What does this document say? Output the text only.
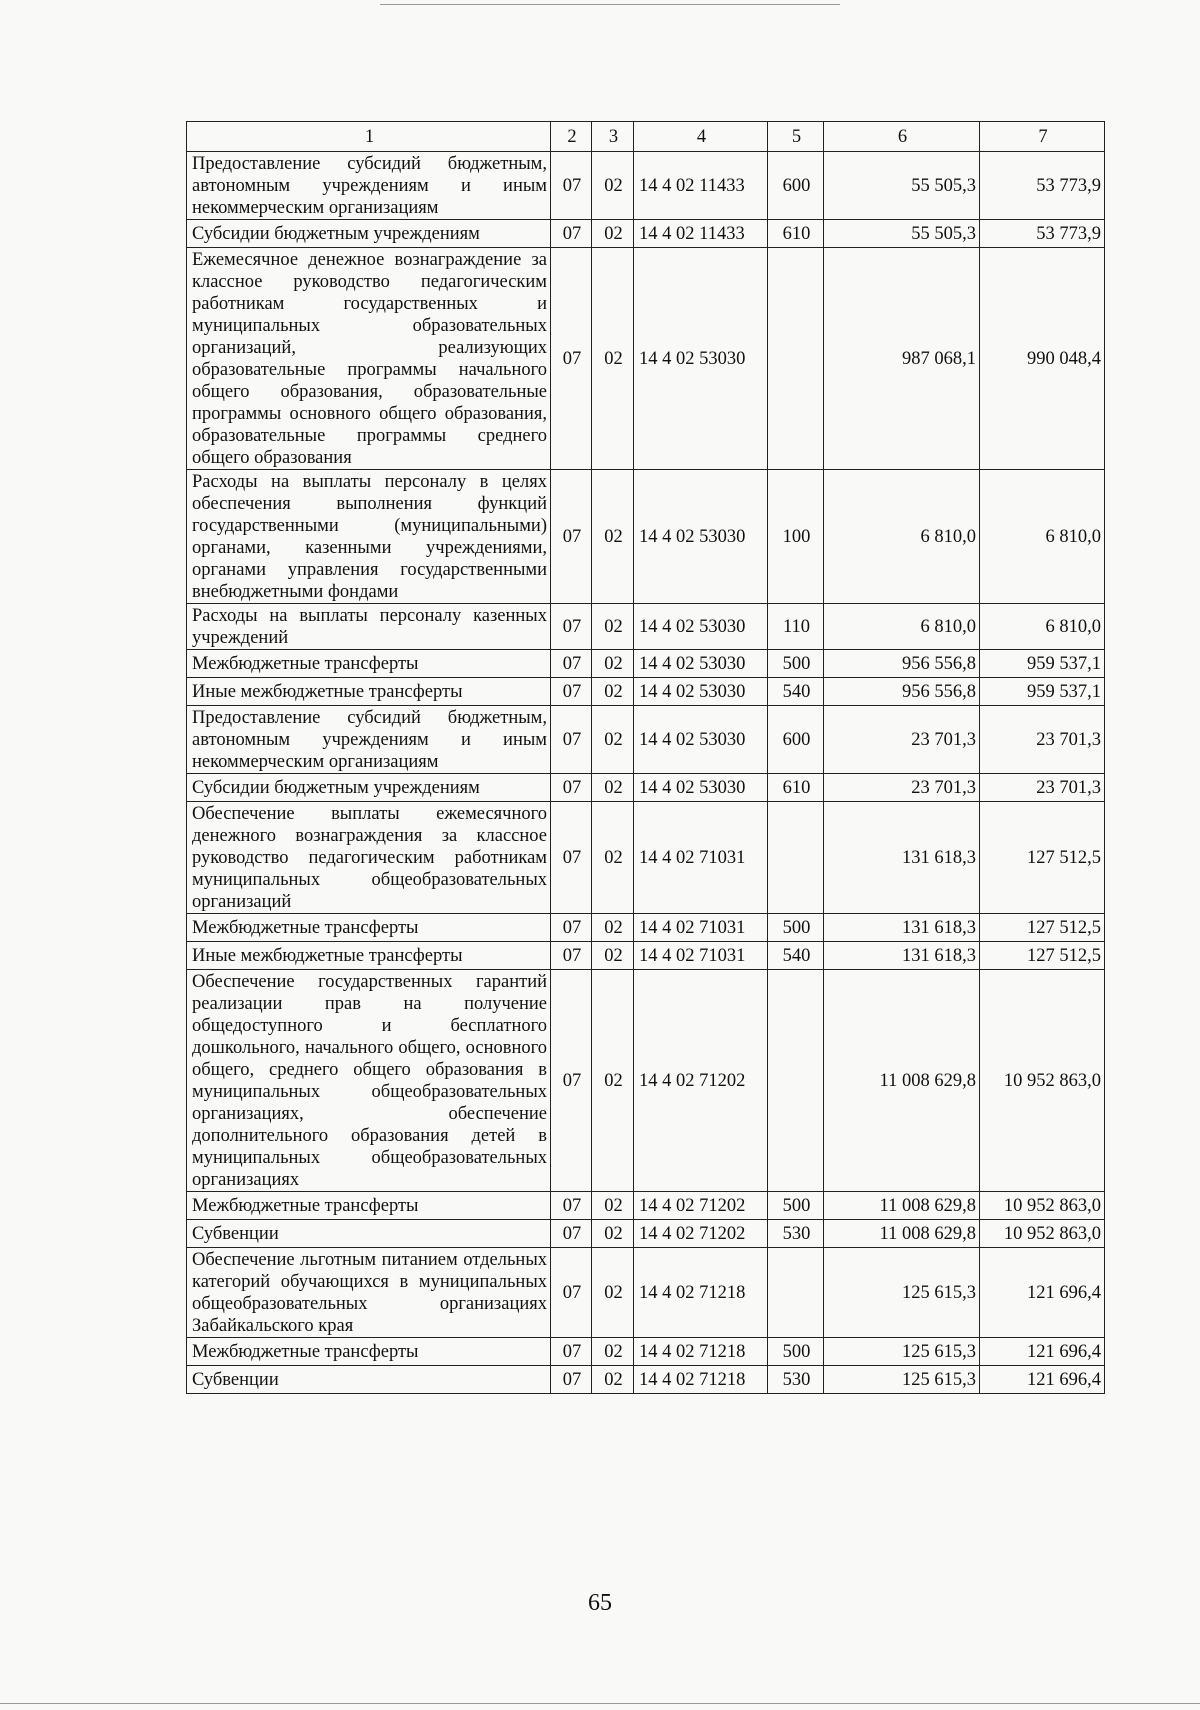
1	2	3	4	5	6	7
Предоставление субсидий бюджетным, автономным учреждениям и иным некоммерческим организациям	07	02	14 4 02 11433	600	55 505,3	53 773,9
Субсидии бюджетным учреждениям	07	02	14 4 02 11433	610	55 505,3	53 773,9
Ежемесячное денежное вознаграждение за классное руководство педагогическим работникам государственных и муниципальных образовательных организаций, реализующих образовательные программы начального общего образования, образовательные программы основного общего образования, образовательные программы среднего общего образования	07	02	14 4 02 53030		987 068,1	990 048,4
Расходы на выплаты персоналу в целях обеспечения выполнения функций государственными (муниципальными) органами, казенными учреждениями, органами управления государственными внебюджетными фондами	07	02	14 4 02 53030	100	6 810,0	6 810,0
Расходы на выплаты персоналу казенных учреждений	07	02	14 4 02 53030	110	6 810,0	6 810,0
Межбюджетные трансферты	07	02	14 4 02 53030	500	956 556,8	959 537,1
Иные межбюджетные трансферты	07	02	14 4 02 53030	540	956 556,8	959 537,1
Предоставление субсидий бюджетным, автономным учреждениям и иным некоммерческим организациям	07	02	14 4 02 53030	600	23 701,3	23 701,3
Субсидии бюджетным учреждениям	07	02	14 4 02 53030	610	23 701,3	23 701,3
Обеспечение выплаты ежемесячного денежного вознаграждения за классное руководство педагогическим работникам муниципальных общеобразовательных организаций	07	02	14 4 02 71031		131 618,3	127 512,5
Межбюджетные трансферты	07	02	14 4 02 71031	500	131 618,3	127 512,5
Иные межбюджетные трансферты	07	02	14 4 02 71031	540	131 618,3	127 512,5
Обеспечение государственных гарантий реализации прав на получение общедоступного и бесплатного дошкольного, начального общего, основного общего, среднего общего образования в муниципальных общеобразовательных организациях, обеспечение дополнительного образования детей в муниципальных общеобразовательных организациях	07	02	14 4 02 71202		11 008 629,8	10 952 863,0
Межбюджетные трансферты	07	02	14 4 02 71202	500	11 008 629,8	10 952 863,0
Субвенции	07	02	14 4 02 71202	530	11 008 629,8	10 952 863,0
Обеспечение льготным питанием отдельных категорий обучающихся в муниципальных общеобразовательных организациях Забайкальского края	07	02	14 4 02 71218		125 615,3	121 696,4
Межбюджетные трансферты	07	02	14 4 02 71218	500	125 615,3	121 696,4
Субвенции	07	02	14 4 02 71218	530	125 615,3	121 696,4
65
